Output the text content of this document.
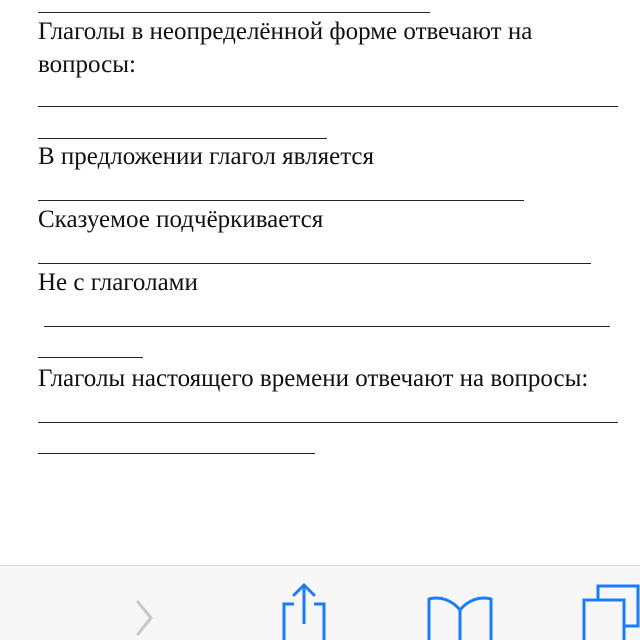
Глаголы в неопределённой форме отвечают на

вопросы:

В предложении глагол является

Сказуемое подчёркивается

Не с глаголами

Глаголы настоящего времени отвечают на вопросы:
